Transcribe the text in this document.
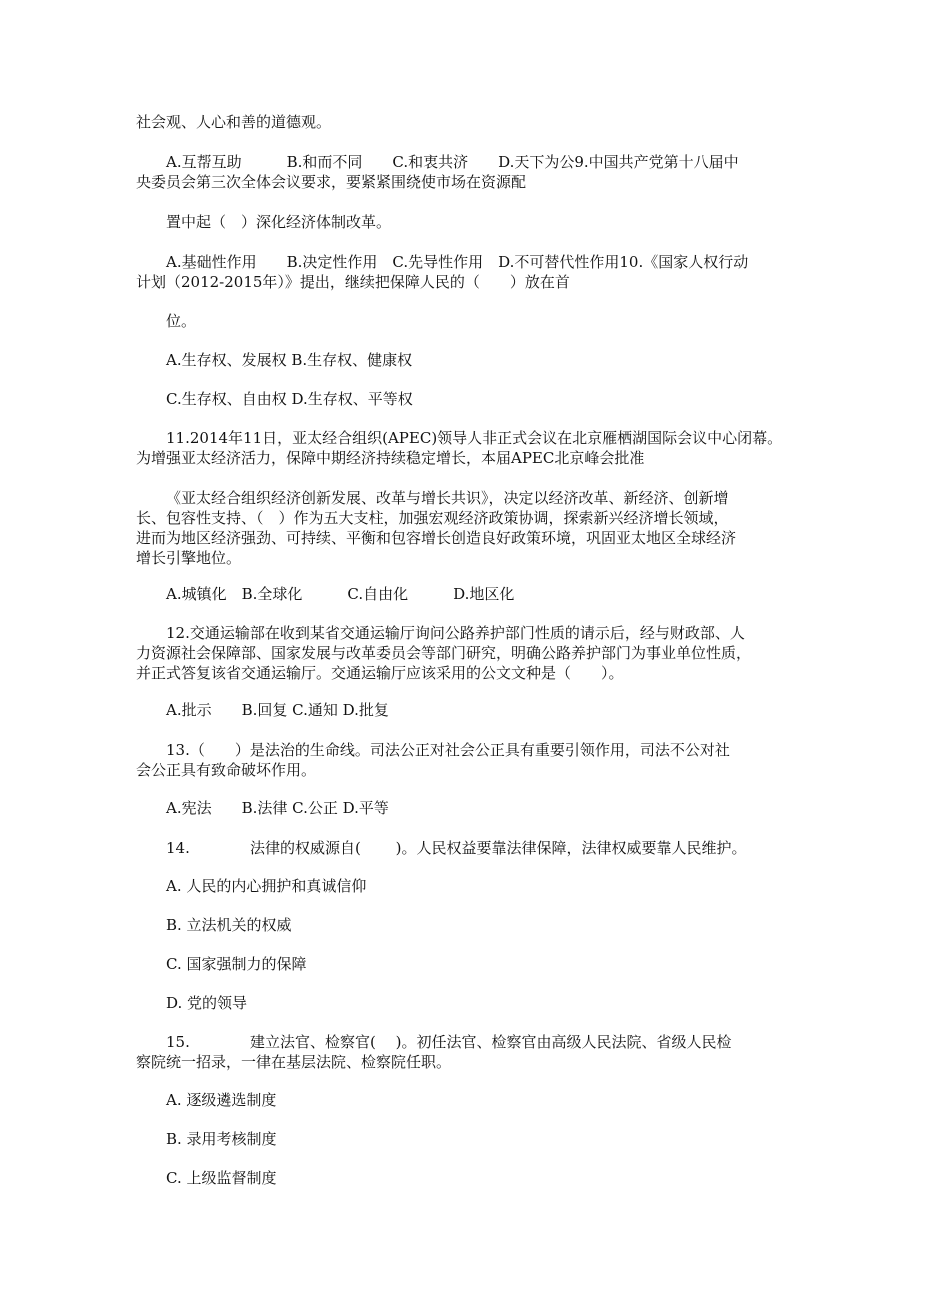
社会观、人心和善的道德观。
A.互帮互助　　　B.和而不同　　C.和衷共济　　D.天下为公9.中国共产党第十八届中
央委员会第三次全体会议要求，要紧紧围绕使市场在资源配
置中起（　）深化经济体制改革。
A.基础性作用　　B.决定性作用　C.先导性作用　D.不可替代性作用10.《国家人权行动
计划（2012-2015年）》提出，继续把保障人民的（　　）放在首
位。
A.生存权、发展权 B.生存权、健康权
C.生存权、自由权 D.生存权、平等权
11.2014年11日，亚太经合组织(APEC)领导人非正式会议在北京雁栖湖国际会议中心闭幕。
为增强亚太经济活力，保障中期经济持续稳定增长，本届APEC北京峰会批准
《亚太经合组织经济创新发展、改革与增长共识》，决定以经济改革、新经济、创新增
长、包容性支持、（　）作为五大支柱，加强宏观经济政策协调，探索新兴经济增长领域，
进而为地区经济强劲、可持续、平衡和包容增长创造良好政策环境，巩固亚太地区全球经济
增长引擎地位。
A.城镇化　B.全球化　　　C.自由化　　　D.地区化
12.交通运输部在收到某省交通运输厅询问公路养护部门性质的请示后，经与财政部、人
力资源社会保障部、国家发展与改革委员会等部门研究，明确公路养护部门为事业单位性质，
并正式答复该省交通运输厅。交通运输厅应该采用的公文文种是（　　）。
A.批示　　B.回复 C.通知 D.批复
13.（　　）是法治的生命线。司法公正对社会公正具有重要引领作用，司法不公对社
会公正具有致命破坏作用。
A.宪法　　B.法律 C.公正 D.平等
14.	法律的权威源自(　　 )。人民权益要靠法律保障，法律权威要靠人民维护。
A. 人民的内心拥护和真诚信仰
B. 立法机关的权威
C. 国家强制力的保障
D. 党的领导
15.	建立法官、检察官(　 )。初任法官、检察官由高级人民法院、省级人民检
察院统一招录，一律在基层法院、检察院任职。
A. 逐级遴选制度
B. 录用考核制度
C. 上级监督制度
